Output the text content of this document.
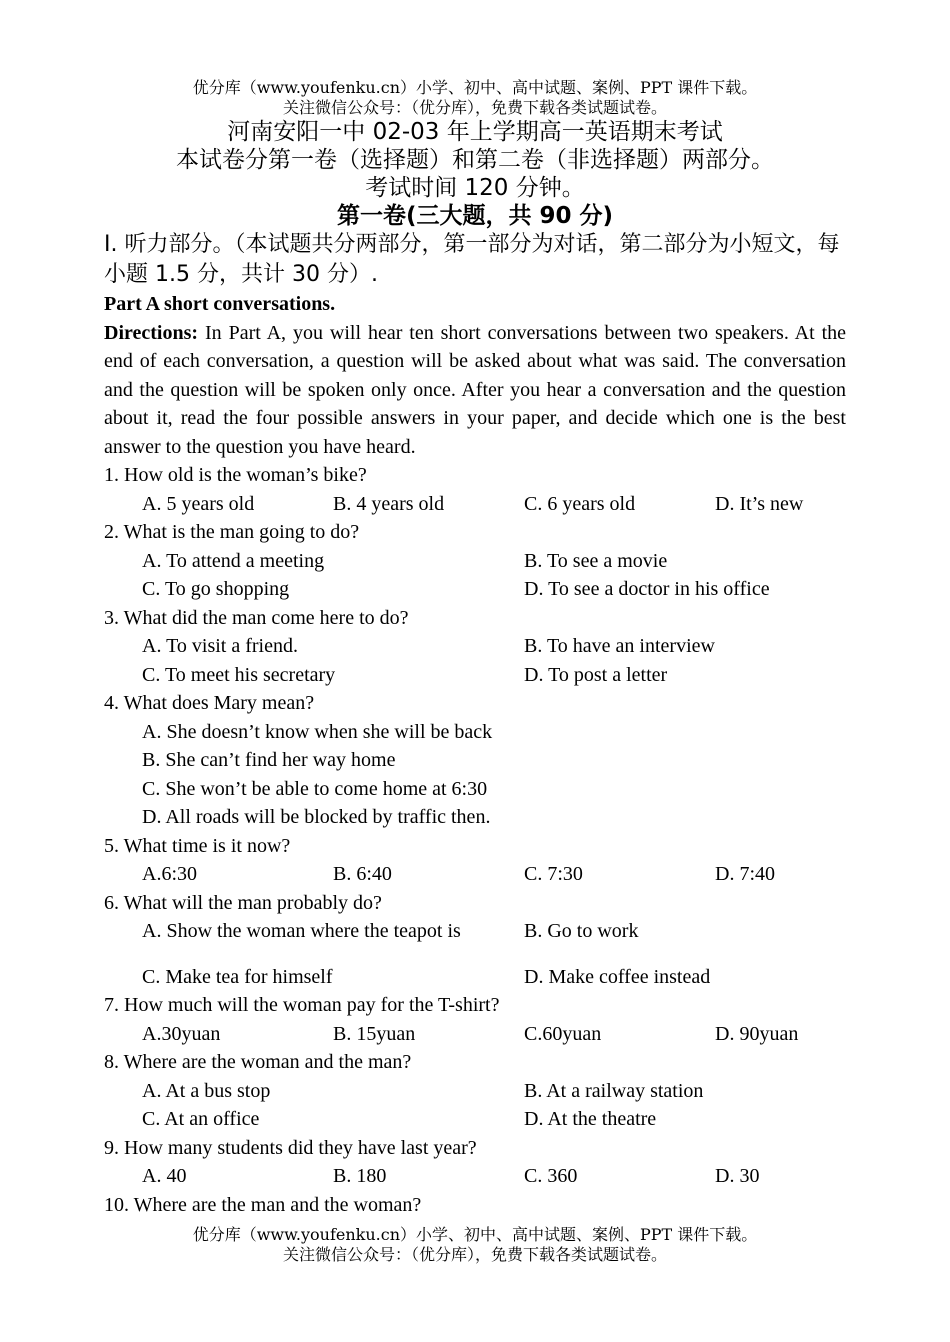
优分库（www.youfenku.cn）小学、初中、高中试题、案例、PPT 课件下载。
关注微信公众号：（优分库），免费下载各类试题试卷。
河南安阳一中 02-03 年上学期高一英语期末考试
本试卷分第一卷（选择题）和第二卷（非选择题）两部分。
考试时间 120 分钟。
第一卷(三大题，共 90 分)
I. 听力部分。（本试题共分两部分，第一部分为对话，第二部分为小短文，每小题 1.5 分，共计 30 分）.
Part A short conversations.
Directions: In Part A, you will hear ten short conversations between two speakers. At the end of each conversation, a question will be asked about what was said. The conversation and the question will be spoken only once. After you hear a conversation and the question about it, read the four possible answers in your paper, and decide which one is the best answer to the question you have heard.
1. How old is the woman’s bike?
A. 5 years old	B. 4 years old	C. 6 years old	D. It’s new
2. What is the man going to do?
A. To attend a meeting	B. To see a movie
C. To go shopping	D. To see a doctor in his office
3. What did the man come here to do?
A. To visit a friend.	B. To have an interview
C. To meet his secretary	D. To post a letter
4. What does Mary mean?
A. She doesn’t know when she will be back
B. She can’t find her way home
C. She won’t be able to come home at 6:30
D. All roads will be blocked by traffic then.
5. What time is it now?
A.6:30	B. 6:40	C. 7:30	D. 7:40
6. What will the man probably do?
A. Show the woman where the teapot is	B. Go to work
C. Make tea for himself	D. Make coffee instead
7. How much will the woman pay for the T-shirt?
A.30yuan	B. 15yuan	C.60yuan	D. 90yuan
8. Where are the woman and the man?
A. At a bus stop	B. At a railway station
C. At an office	D. At the theatre
9. How many students did they have last year?
A. 40	B. 180	C. 360	D. 30
10. Where are the man and the woman?
优分库（www.youfenku.cn）小学、初中、高中试题、案例、PPT 课件下载。
关注微信公众号：（优分库），免费下载各类试题试卷。
